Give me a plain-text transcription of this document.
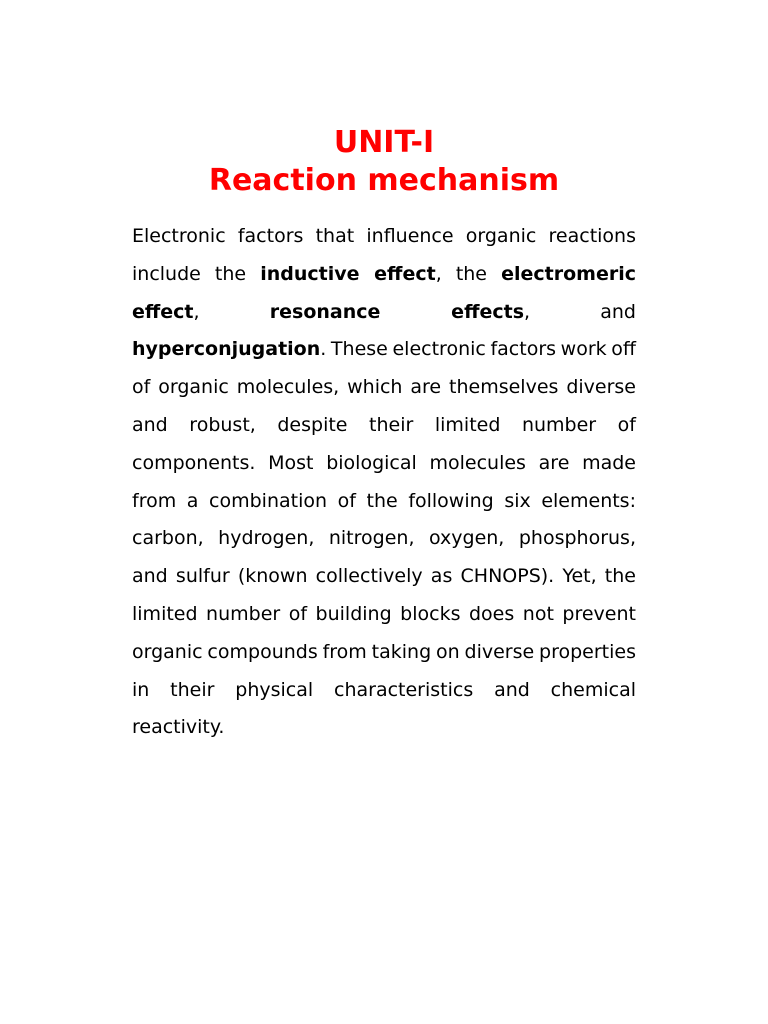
UNIT-I
Reaction mechanism

Electronic factors that influence organic reactions include the inductive effect, the electromeric effect,	resonance effects, and hyperconjugation. These electronic factors work off of organic molecules, which are themselves diverse and robust, despite their limited number of components. Most biological molecules are made from a combination of the following six elements: carbon, hydrogen, nitrogen, oxygen, phosphorus, and sulfur (known collectively as CHNOPS). Yet, the limited number of building blocks does not prevent organic compounds from taking on diverse properties in their physical characteristics and chemical reactivity.
